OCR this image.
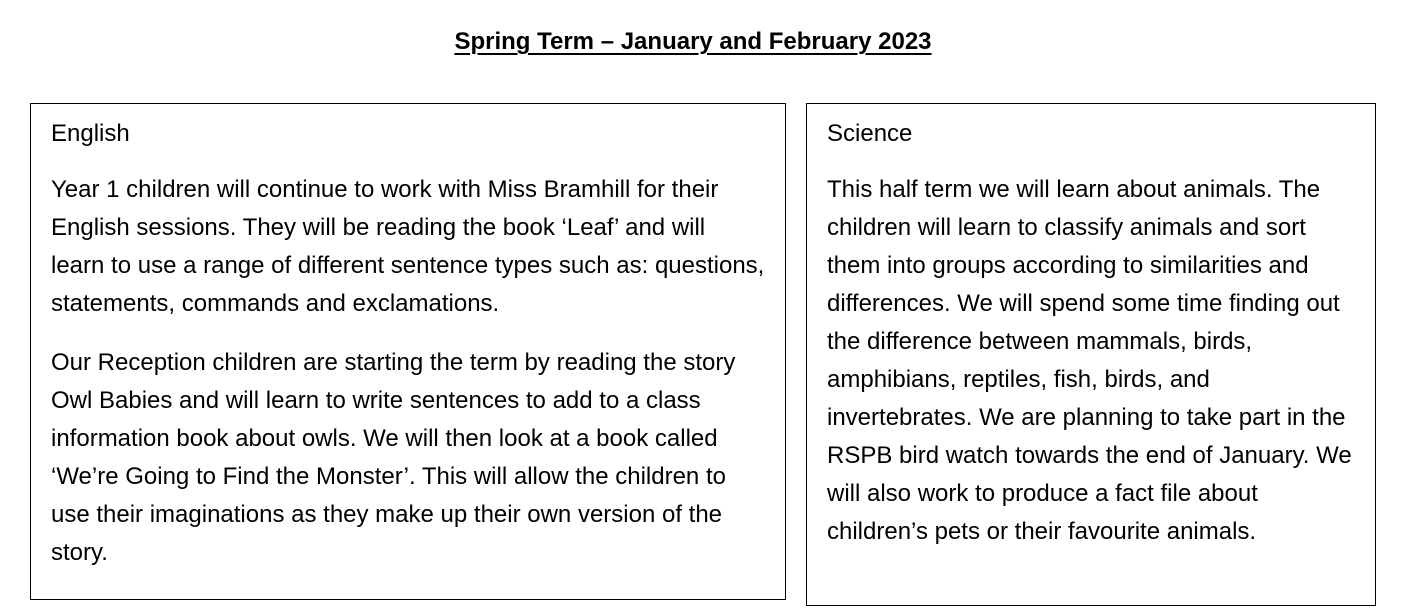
Spring Term – January and February 2023
English

Year 1 children will continue to work with Miss Bramhill for their English sessions. They will be reading the book ‘Leaf’ and will learn to use a range of different sentence types such as: questions, statements, commands and exclamations.

Our Reception children are starting the term by reading the story Owl Babies and will learn to write sentences to add to a class information book about owls. We will then look at a book called ‘We’re Going to Find the Monster’. This will allow the children to use their imaginations as they make up their own version of the story.

Science

This half term we will learn about animals. The children will learn to classify animals and sort them into groups according to similarities and differences. We will spend some time finding out the difference between mammals, birds, amphibians, reptiles, fish, birds, and invertebrates. We are planning to take part in the RSPB bird watch towards the end of January. We will also work to produce a fact file about children’s pets or their favourite animals.
